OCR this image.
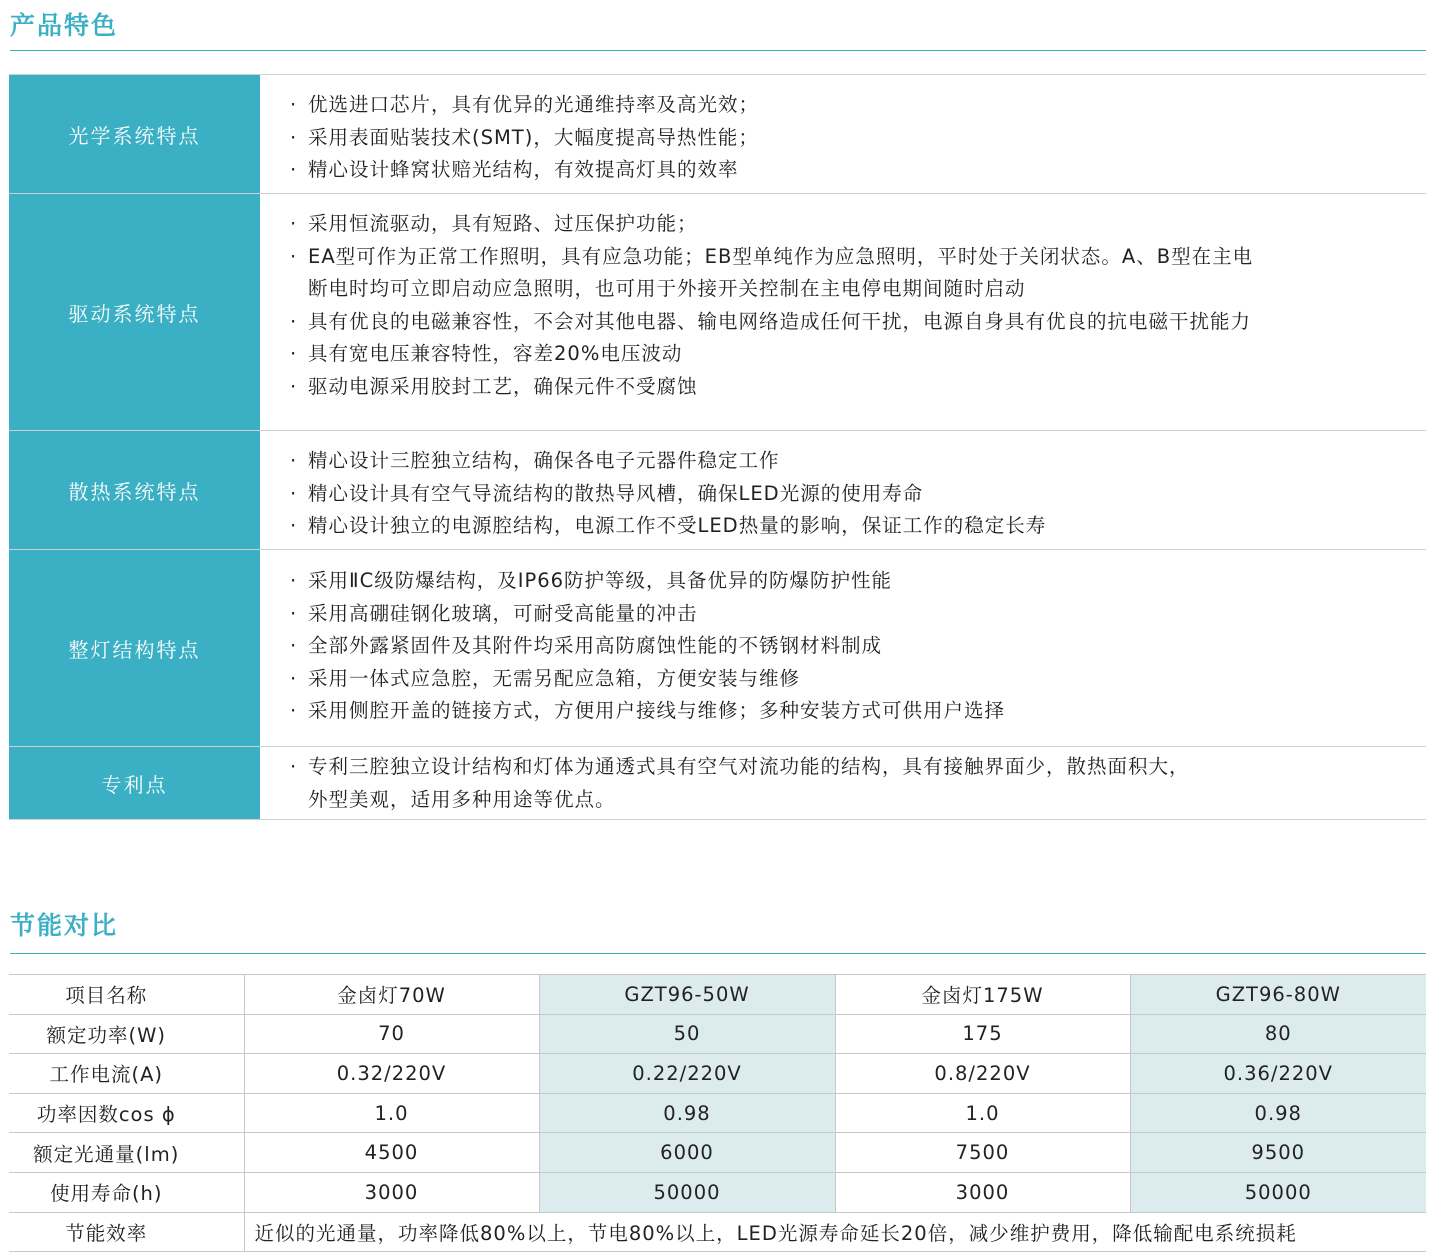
产品特色
光学系统特点
· 优选进口芯片，具有优异的光通维持率及高光效；
· 采用表面贴装技术(SMT)，大幅度提高导热性能；
· 精心设计蜂窝状赔光结构，有效提高灯具的效率
驱动系统特点
· 采用恒流驱动，具有短路、过压保护功能；
· EA型可作为正常工作照明，具有应急功能；EB型单纯作为应急照明，平时处于关闭状态。A、B型在主电
断电时均可立即启动应急照明，也可用于外接开关控制在主电停电期间随时启动
· 具有优良的电磁兼容性，不会对其他电器、输电网络造成任何干扰，电源自身具有优良的抗电磁干扰能力
· 具有宽电压兼容特性，容差20%电压波动
· 驱动电源采用胶封工艺，确保元件不受腐蚀
散热系统特点
· 精心设计三腔独立结构，确保各电子元器件稳定工作
· 精心设计具有空气导流结构的散热导风槽，确保LED光源的使用寿命
· 精心设计独立的电源腔结构，电源工作不受LED热量的影响，保证工作的稳定长寿
整灯结构特点
· 采用ⅡC级防爆结构，及IP66防护等级，具备优异的防爆防护性能
· 采用高硼硅钢化玻璃，可耐受高能量的冲击
· 全部外露紧固件及其附件均采用高防腐蚀性能的不锈钢材料制成
· 采用一体式应急腔，无需另配应急箱，方便安装与维修
· 采用侧腔开盖的链接方式，方便用户接线与维修；多种安装方式可供用户选择
专利点
· 专利三腔独立设计结构和灯体为通透式具有空气对流功能的结构，具有接触界面少，散热面积大，
外型美观，适用多种用途等优点。
节能对比
项目名称	金卤灯70W	GZT96-50W	金卤灯175W	GZT96-80W
额定功率(W)	70	50	175	80
工作电流(A)	0.32/220V	0.22/220V	0.8/220V	0.36/220V
功率因数cos ϕ	1.0	0.98	1.0	0.98
额定光通量(lm)	4500	6000	7500	9500
使用寿命(h)	3000	50000	3000	50000
节能效率	近似的光通量，功率降低80%以上，节电80%以上，LED光源寿命延长20倍，减少维护费用，降低输配电系统损耗			
